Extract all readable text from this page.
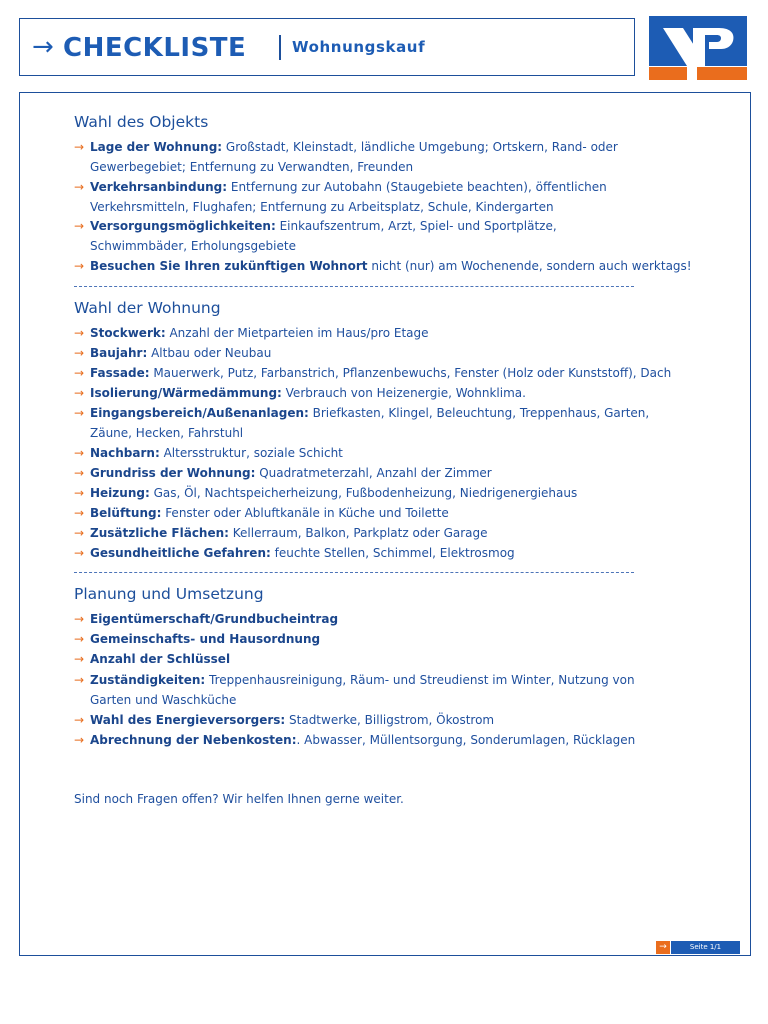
→ CHECKLISTE	Wohnungskauf
Wahl des Objekts
→ Lage der Wohnung: Großstadt, Kleinstadt, ländliche Umgebung; Ortskern, Rand- oder
Gewerbegebiet; Entfernung zu Verwandten, Freunden
→ Verkehrsanbindung: Entfernung zur Autobahn (Staugebiete beachten), öffentlichen
Verkehrsmitteln, Flughafen; Entfernung zu Arbeitsplatz, Schule, Kindergarten
→ Versorgungsmöglichkeiten: Einkaufszentrum, Arzt, Spiel- und Sportplätze,
Schwimmbäder, Erholungsgebiete
→ Besuchen Sie Ihren zukünftigen Wohnort nicht (nur) am Wochenende, sondern auch werktags!
Wahl der Wohnung
→ Stockwerk: Anzahl der Mietparteien im Haus/pro Etage
→ Baujahr: Altbau oder Neubau
→ Fassade: Mauerwerk, Putz, Farbanstrich, Pflanzenbewuchs, Fenster (Holz oder Kunststoff), Dach
→ Isolierung/Wärmedämmung: Verbrauch von Heizenergie, Wohnklima.
→ Eingangsbereich/Außenanlagen: Briefkasten, Klingel, Beleuchtung, Treppenhaus, Garten,
Zäune, Hecken, Fahrstuhl
→ Nachbarn: Altersstruktur, soziale Schicht
→ Grundriss der Wohnung: Quadratmeterzahl, Anzahl der Zimmer
→ Heizung: Gas, Öl, Nachtspeicherheizung, Fußbodenheizung, Niedrigenergiehaus
→ Belüftung: Fenster oder Abluftkanäle in Küche und Toilette
→ Zusätzliche Flächen: Kellerraum, Balkon, Parkplatz oder Garage
→ Gesundheitliche Gefahren: feuchte Stellen, Schimmel, Elektrosmog
Planung und Umsetzung
→ Eigentümerschaft/Grundbucheintrag
→ Gemeinschafts- und Hausordnung
→ Anzahl der Schlüssel
→ Zuständigkeiten: Treppenhausreinigung, Räum- und Streudienst im Winter, Nutzung von
Garten und Waschküche
→ Wahl des Energieversorgers: Stadtwerke, Billigstrom, Ökostrom
→ Abrechnung der Nebenkosten:. Abwasser, Müllentsorgung, Sonderumlagen, Rücklagen
Sind noch Fragen offen? Wir helfen Ihnen gerne weiter.
→	Seite 1/1
